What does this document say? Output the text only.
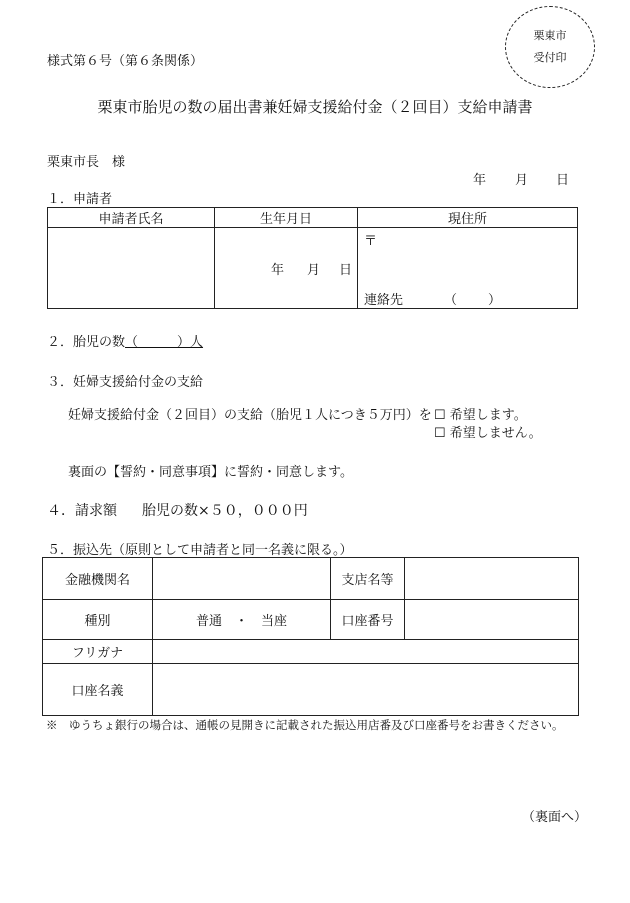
様式第６号（第６条関係）
栗東市
受付印
栗東市胎児の数の届出書兼妊婦支援給付金（２回目）支給申請書
栗東市長　様
年 月 日
１．申請者
申請者氏名	生年月日	現住所

	年 月 日	〒
連絡先 （ ）
２．胎児の数（　　　）人
３．妊婦支援給付金の支給
妊婦支援給付金（２回目）の支給（胎児１人につき５万円）を ☐ 希望します。
☐ 希望しません。
裏面の【誓約・同意事項】に誓約・同意します。
４．請求額 胎児の数×５０，０００円
５．振込先（原則として申請者と同一名義に限る。）
金融機関名		支店名等	
種別	普通　・　当座	口座番号	
フリガナ			
口座名義			
※　ゆうちょ銀行の場合は、通帳の見開きに記載された振込用店番及び口座番号をお書きください。
（裏面へ）
